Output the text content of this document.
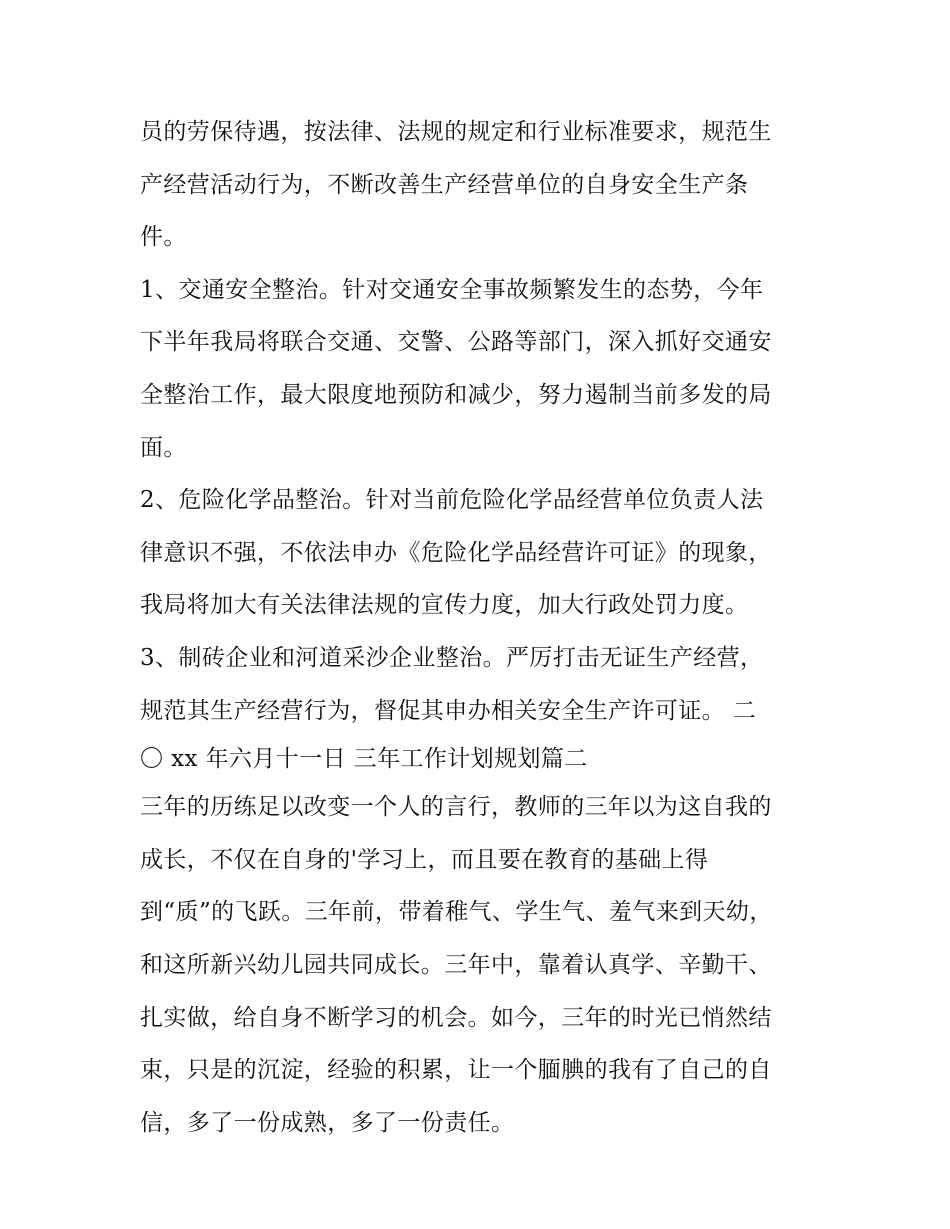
员的劳保待遇，按法律、法规的规定和行业标准要求，规范生
产经营活动行为，不断改善生产经营单位的自身安全生产条
件。
1、交通安全整治。针对交通安全事故频繁发生的态势，今年
下半年我局将联合交通、交警、公路等部门，深入抓好交通安
全整治工作，最大限度地预防和减少，努力遏制当前多发的局
面。
2、危险化学品整治。针对当前危险化学品经营单位负责人法
律意识不强，不依法申办《危险化学品经营许可证》的现象，
我局将加大有关法律法规的宣传力度，加大行政处罚力度。
3、制砖企业和河道采沙企业整治。严厉打击无证生产经营，
规范其生产经营行为，督促其申办相关安全生产许可证。 二
〇 xx 年六月十一日 三年工作计划规划篇二
三年的历练足以改变一个人的言行，教师的三年以为这自我的
成长，不仅在自身的'学习上，而且要在教育的基础上得
到“质”的飞跃。三年前，带着稚气、学生气、羞气来到天幼，
和这所新兴幼儿园共同成长。三年中，靠着认真学、辛勤干、
扎实做，给自身不断学习的机会。如今，三年的时光已悄然结
束，只是的沉淀，经验的积累，让一个腼腆的我有了自己的自
信，多了一份成熟，多了一份责任。
